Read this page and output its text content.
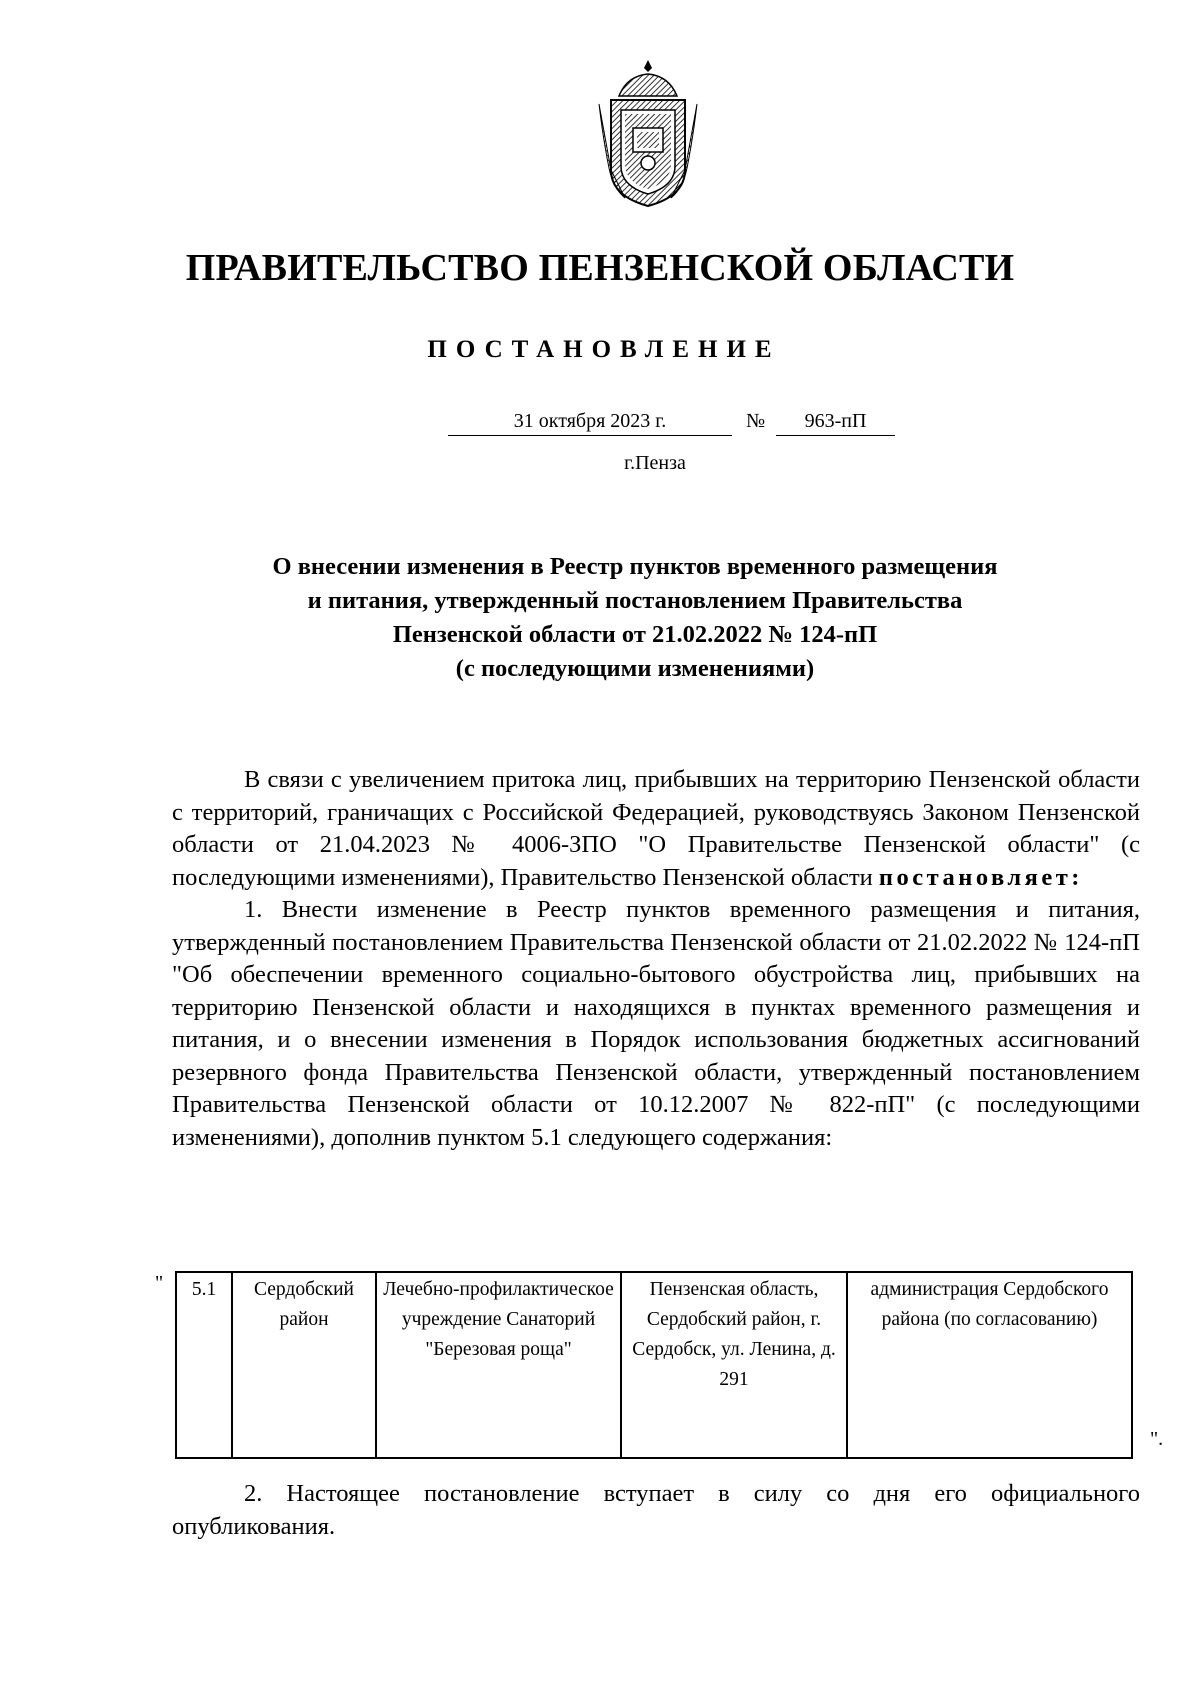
ПРАВИТЕЛЬСТВО ПЕНЗЕНСКОЙ ОБЛАСТИ
ПОСТАНОВЛЕНИЕ
31 октября 2023 г.	№	963-пП
г.Пенза
О внесении изменения в Реестр пунктов временного размещения
и питания, утвержденный постановлением Правительства
Пензенской области от 21.02.2022 № 124-пП
(с последующими изменениями)

В связи с увеличением притока лиц, прибывших на территорию Пензенской области с территорий, граничащих с Российской Федерацией, руководствуясь Законом Пензенской области от 21.04.2023 № 4006-ЗПО "О Правительстве Пензенской области" (с последующими изменениями), Правительство Пензенской области постановляет:

1. Внести изменение в Реестр пунктов временного размещения и питания, утвержденный постановлением Правительства Пензенской области от 21.02.2022 № 124-пП "Об обеспечении временного социально-бытового обустройства лиц, прибывших на территорию Пензенской области и находящихся в пунктах временного размещения и питания, и о внесении изменения в Порядок использования бюджетных ассигнований резервного фонда Правительства Пензенской области, утвержденный постановлением Правительства Пензенской области от 10.12.2007 № 822-пП" (с последующими изменениями), дополнив пунктом 5.1 следующего содержания:

" 5.1	Сердобский район	Лечебно-профилактическое учреждение Санаторий "Березовая роща"	Пензенская область, Сердобский район, г. Сердобск, ул. Ленина, д. 291	администрация Сердобского района (по согласованию)
".

2. Настоящее постановление вступает в силу со дня его официального опубликования.
